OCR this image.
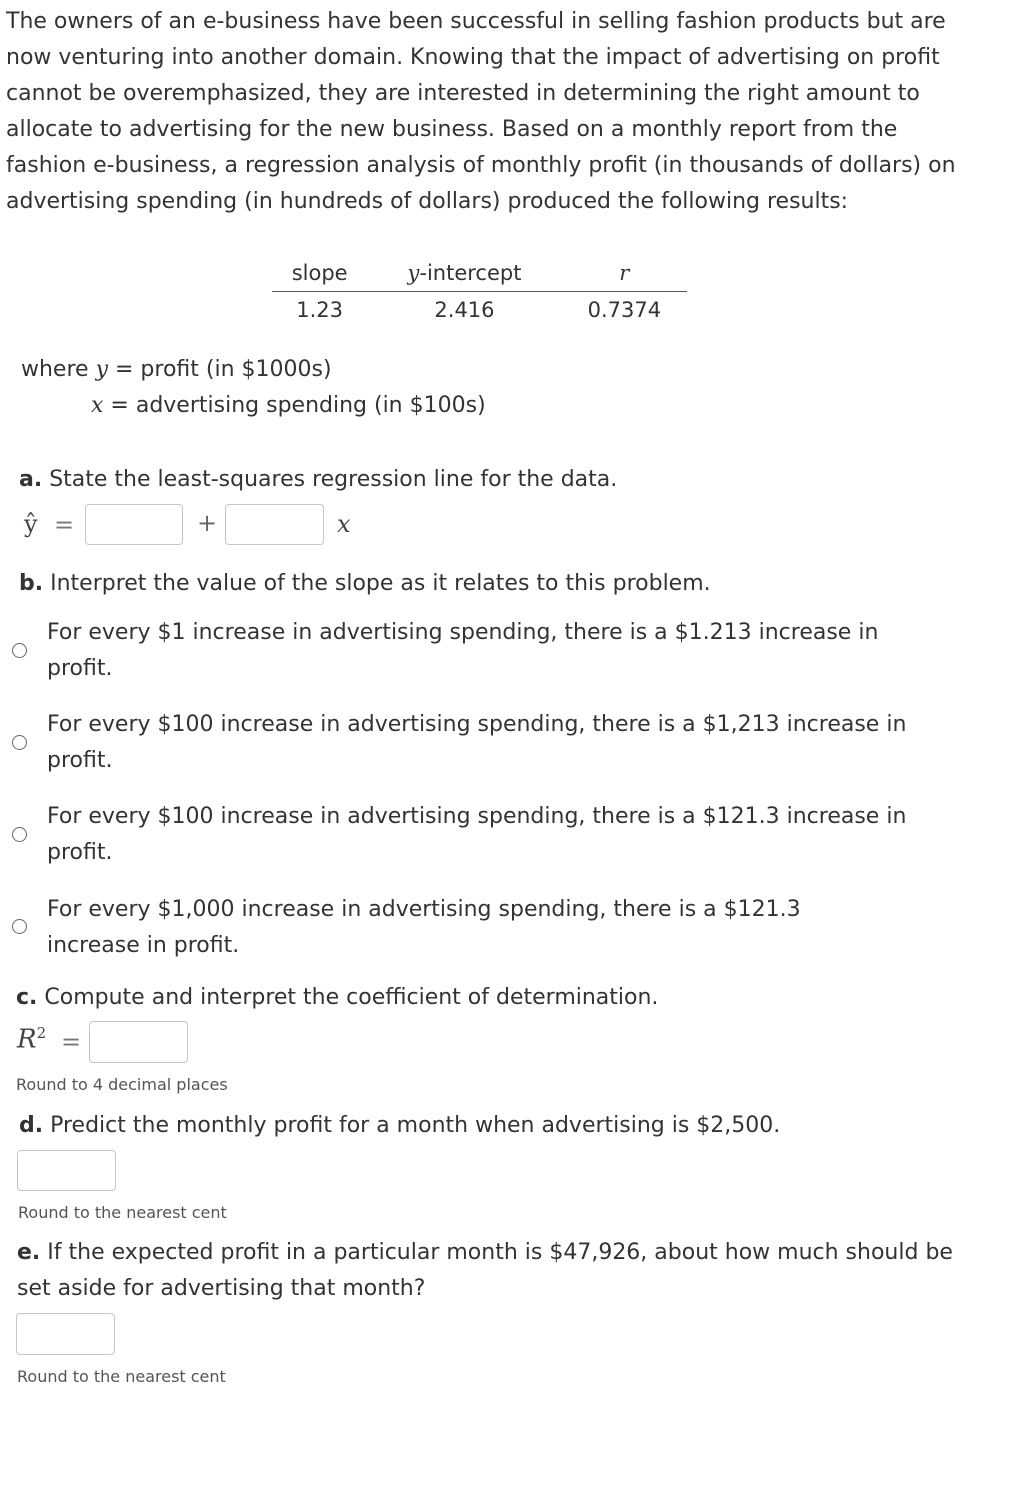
The owners of an e-business have been successful in selling fashion products but are now venturing into another domain. Knowing that the impact of advertising on profit cannot be overemphasized, they are interested in determining the right amount to allocate to advertising for the new business. Based on a monthly report from the fashion e-business, a regression analysis of monthly profit (in thousands of dollars) on advertising spending (in hundreds of dollars) produced the following results:

slope	y-intercept	r
1.23	2.416	0.7374
where y = profit (in $1000s)
x = advertising spending (in $100s)
a. State the least-squares regression line for the data.
ŷ =	+	x
b. Interpret the value of the slope as it relates to this problem.
For every $1 increase in advertising spending, there is a $1.213 increase in profit.
For every $100 increase in advertising spending, there is a $1,213 increase in profit.
For every $100 increase in advertising spending, there is a $121.3 increase in profit.
For every $1,000 increase in advertising spending, there is a $121.3 increase in profit.
c. Compute and interpret the coefficient of determination.
$R^2$ =
Round to 4 decimal places
d. Predict the monthly profit for a month when advertising is $2,500.
Round to the nearest cent
e. If the expected profit in a particular month is $47,926, about how much should be set aside for advertising that month?
Round to the nearest cent
